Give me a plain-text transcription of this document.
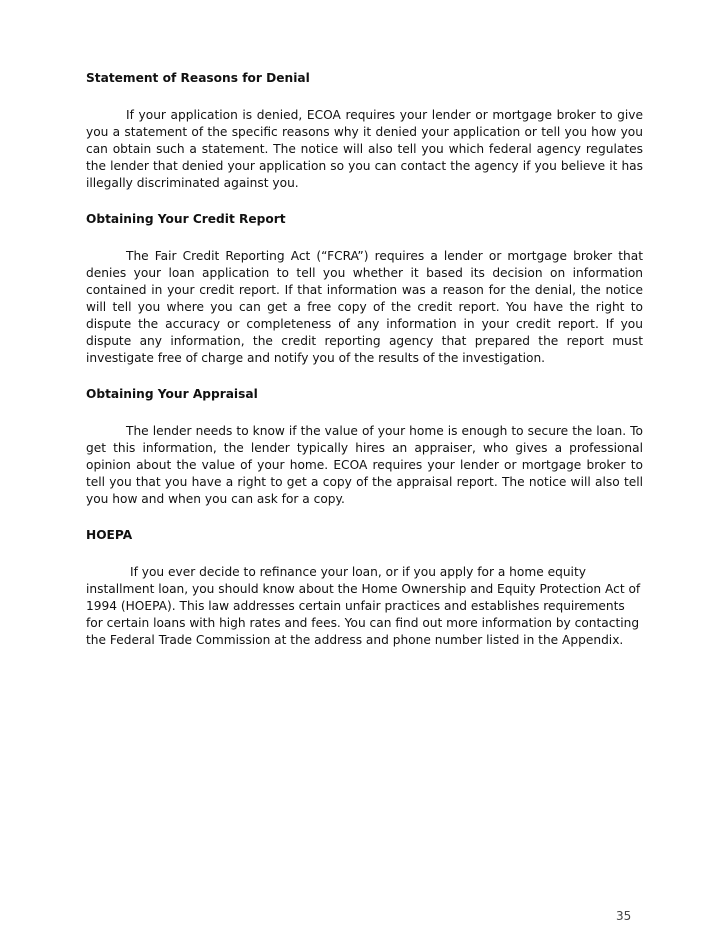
Statement of Reasons for Denial

If your application is denied, ECOA requires your lender or mortgage broker to give you a statement of the specific reasons why it denied your application or tell you how you can obtain such a statement. The notice will also tell you which federal agency regulates the lender that denied your application so you can contact the agency if you believe it has illegally discriminated against you.

Obtaining Your Credit Report

The Fair Credit Reporting Act (“FCRA”) requires a lender or mortgage broker that denies your loan application to tell you whether it based its decision on information contained in your credit report. If that information was a reason for the denial, the notice will tell you where you can get a free copy of the credit report. You have the right to dispute the accuracy or completeness of any information in your credit report. If you dispute any information, the credit reporting agency that prepared the report must investigate free of charge and notify you of the results of the investigation.

Obtaining Your Appraisal

The lender needs to know if the value of your home is enough to secure the loan. To get this information, the lender typically hires an appraiser, who gives a professional opinion about the value of your home. ECOA requires your lender or mortgage broker to tell you that you have a right to get a copy of the appraisal report. The notice will also tell you how and when you can ask for a copy.

HOEPA

If you ever decide to refinance your loan, or if you apply for a home equity installment loan, you should know about the Home Ownership and Equity Protection Act of 1994 (HOEPA). This law addresses certain unfair practices and establishes requirements for certain loans with high rates and fees. You can find out more information by contacting the Federal Trade Commission at the address and phone number listed in the Appendix.

35
